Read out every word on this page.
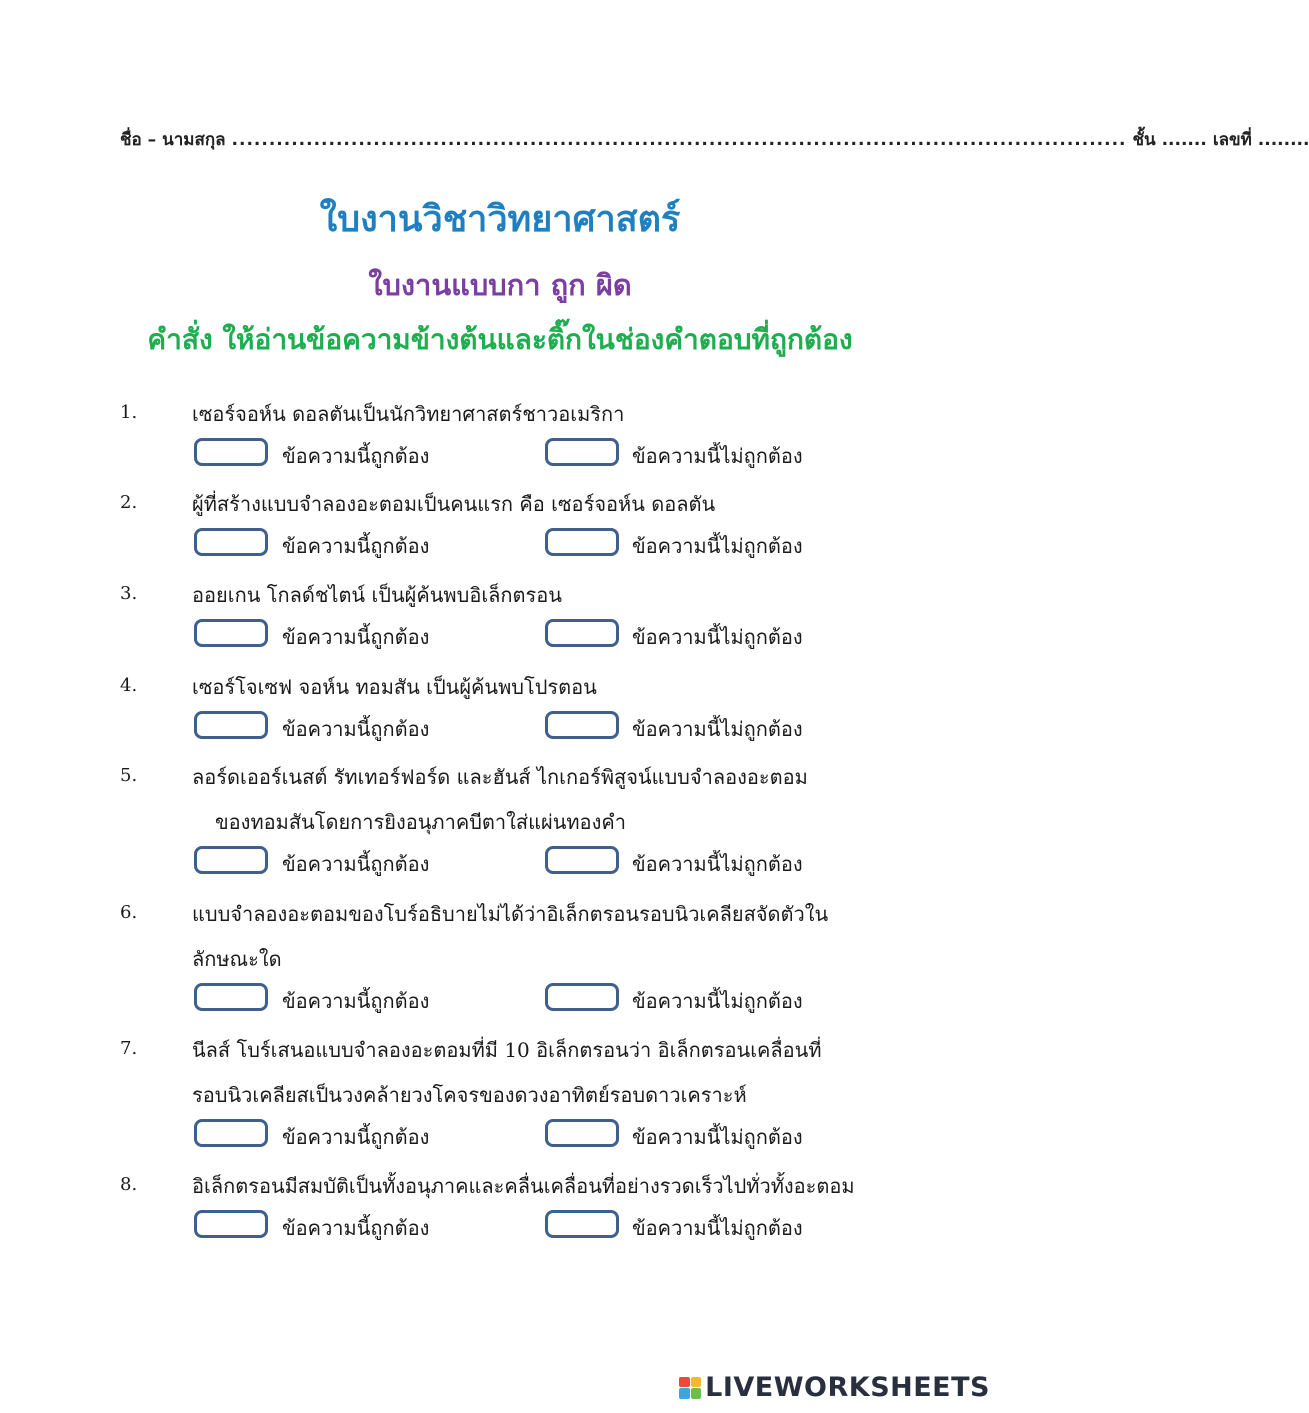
ชื่อ – นามสกุล ........................................................................................................................ ชั้น ....... เลขที่ ........
ใบงานวิชาวิทยาศาสตร์
ใบงานแบบกา ถูก ผิด
คำสั่ง ให้อ่านข้อความข้างต้นและติ๊กในช่องคำตอบที่ถูกต้อง
1.	เซอร์จอห์น ดอลตันเป็นนักวิทยาศาสตร์ชาวอเมริกา
ข้อความนี้ถูกต้อง	ข้อความนี้ไม่ถูกต้อง
2.	ผู้ที่สร้างแบบจำลองอะตอมเป็นคนแรก คือ เซอร์จอห์น ดอลตัน
ข้อความนี้ถูกต้อง	ข้อความนี้ไม่ถูกต้อง
3.	ออยเกน โกลด์ชไตน์ เป็นผู้ค้นพบอิเล็กตรอน
ข้อความนี้ถูกต้อง	ข้อความนี้ไม่ถูกต้อง
4.	เซอร์โจเซฟ จอห์น ทอมสัน เป็นผู้ค้นพบโปรตอน
ข้อความนี้ถูกต้อง	ข้อความนี้ไม่ถูกต้อง
5.	ลอร์ดเออร์เนสต์ รัทเทอร์ฟอร์ด และฮันส์ ไกเกอร์พิสูจน์แบบจำลองอะตอม
ของทอมสันโดยการยิงอนุภาคบีตาใส่แผ่นทองคำ
ข้อความนี้ถูกต้อง	ข้อความนี้ไม่ถูกต้อง
6.	แบบจำลองอะตอมของโบร์อธิบายไม่ได้ว่าอิเล็กตรอนรอบนิวเคลียสจัดตัวใน
ลักษณะใด
ข้อความนี้ถูกต้อง	ข้อความนี้ไม่ถูกต้อง
7.	นีลส์ โบร์เสนอแบบจำลองอะตอมที่มี 10 อิเล็กตรอนว่า อิเล็กตรอนเคลื่อนที่
รอบนิวเคลียสเป็นวงคล้ายวงโคจรของดวงอาทิตย์รอบดาวเคราะห์
ข้อความนี้ถูกต้อง	ข้อความนี้ไม่ถูกต้อง
8.	อิเล็กตรอนมีสมบัติเป็นทั้งอนุภาคและคลื่นเคลื่อนที่อย่างรวดเร็วไปทั่วทั้งอะตอม
ข้อความนี้ถูกต้อง	ข้อความนี้ไม่ถูกต้อง
LIVEWORKSHEETS
